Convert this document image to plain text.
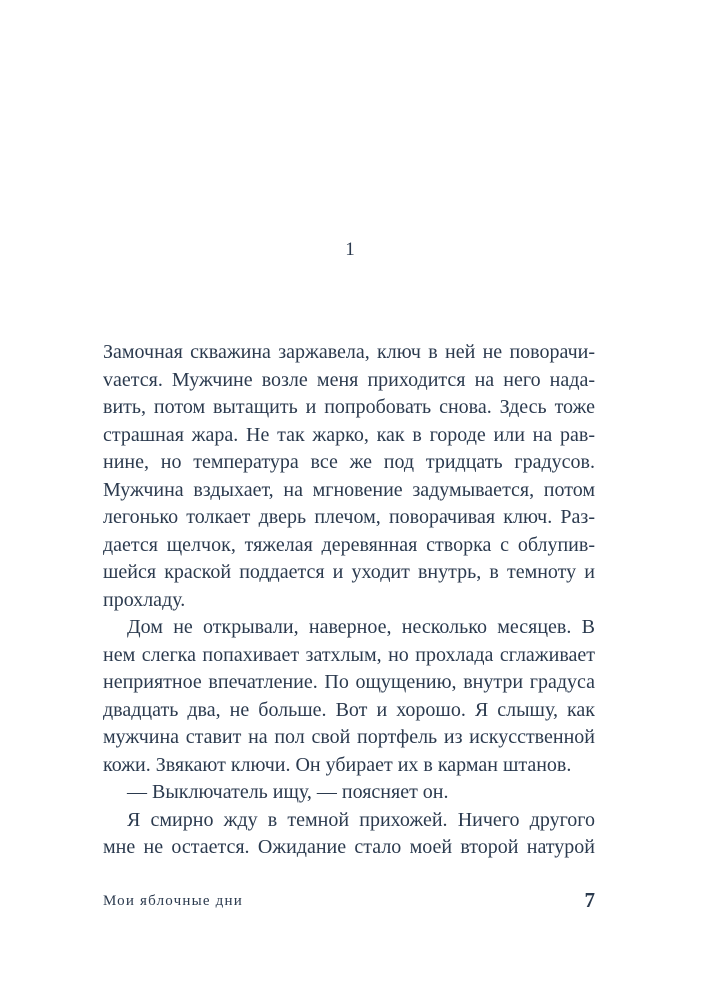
1

Замочная скважина заржавела, ключ в ней не поворачиvается. Мужчине возле меня приходится на него надавить, потом вытащить и попробовать снова. Здесь тоже страшная жара. Не так жарко, как в городе или на равнине, но температура все же под тридцать градусов. Мужчина вздыхает, на мгновение задумывается, потом легонько толкает дверь плечом, поворачивая ключ. Раздается щелчок, тяжелая деревянная створка с облупившейся краской поддается и уходит внутрь, в темноту и прохладу.

Дом не открывали, наверное, несколько месяцев. В нем слегка попахивает затхлым, но прохлада сглаживает неприятное впечатление. По ощущению, внутри градуса двадцать два, не больше. Вот и хорошо. Я слышу, как мужчина ставит на пол свой портфель из искусственной кожи. Звякают ключи. Он убирает их в карман штанов.

— Выключатель ищу, — поясняет он.

Я смирно жду в темной прихожей. Ничего другого мне не остается. Ожидание стало моей второй натурой

Мои яблочные дни	7
